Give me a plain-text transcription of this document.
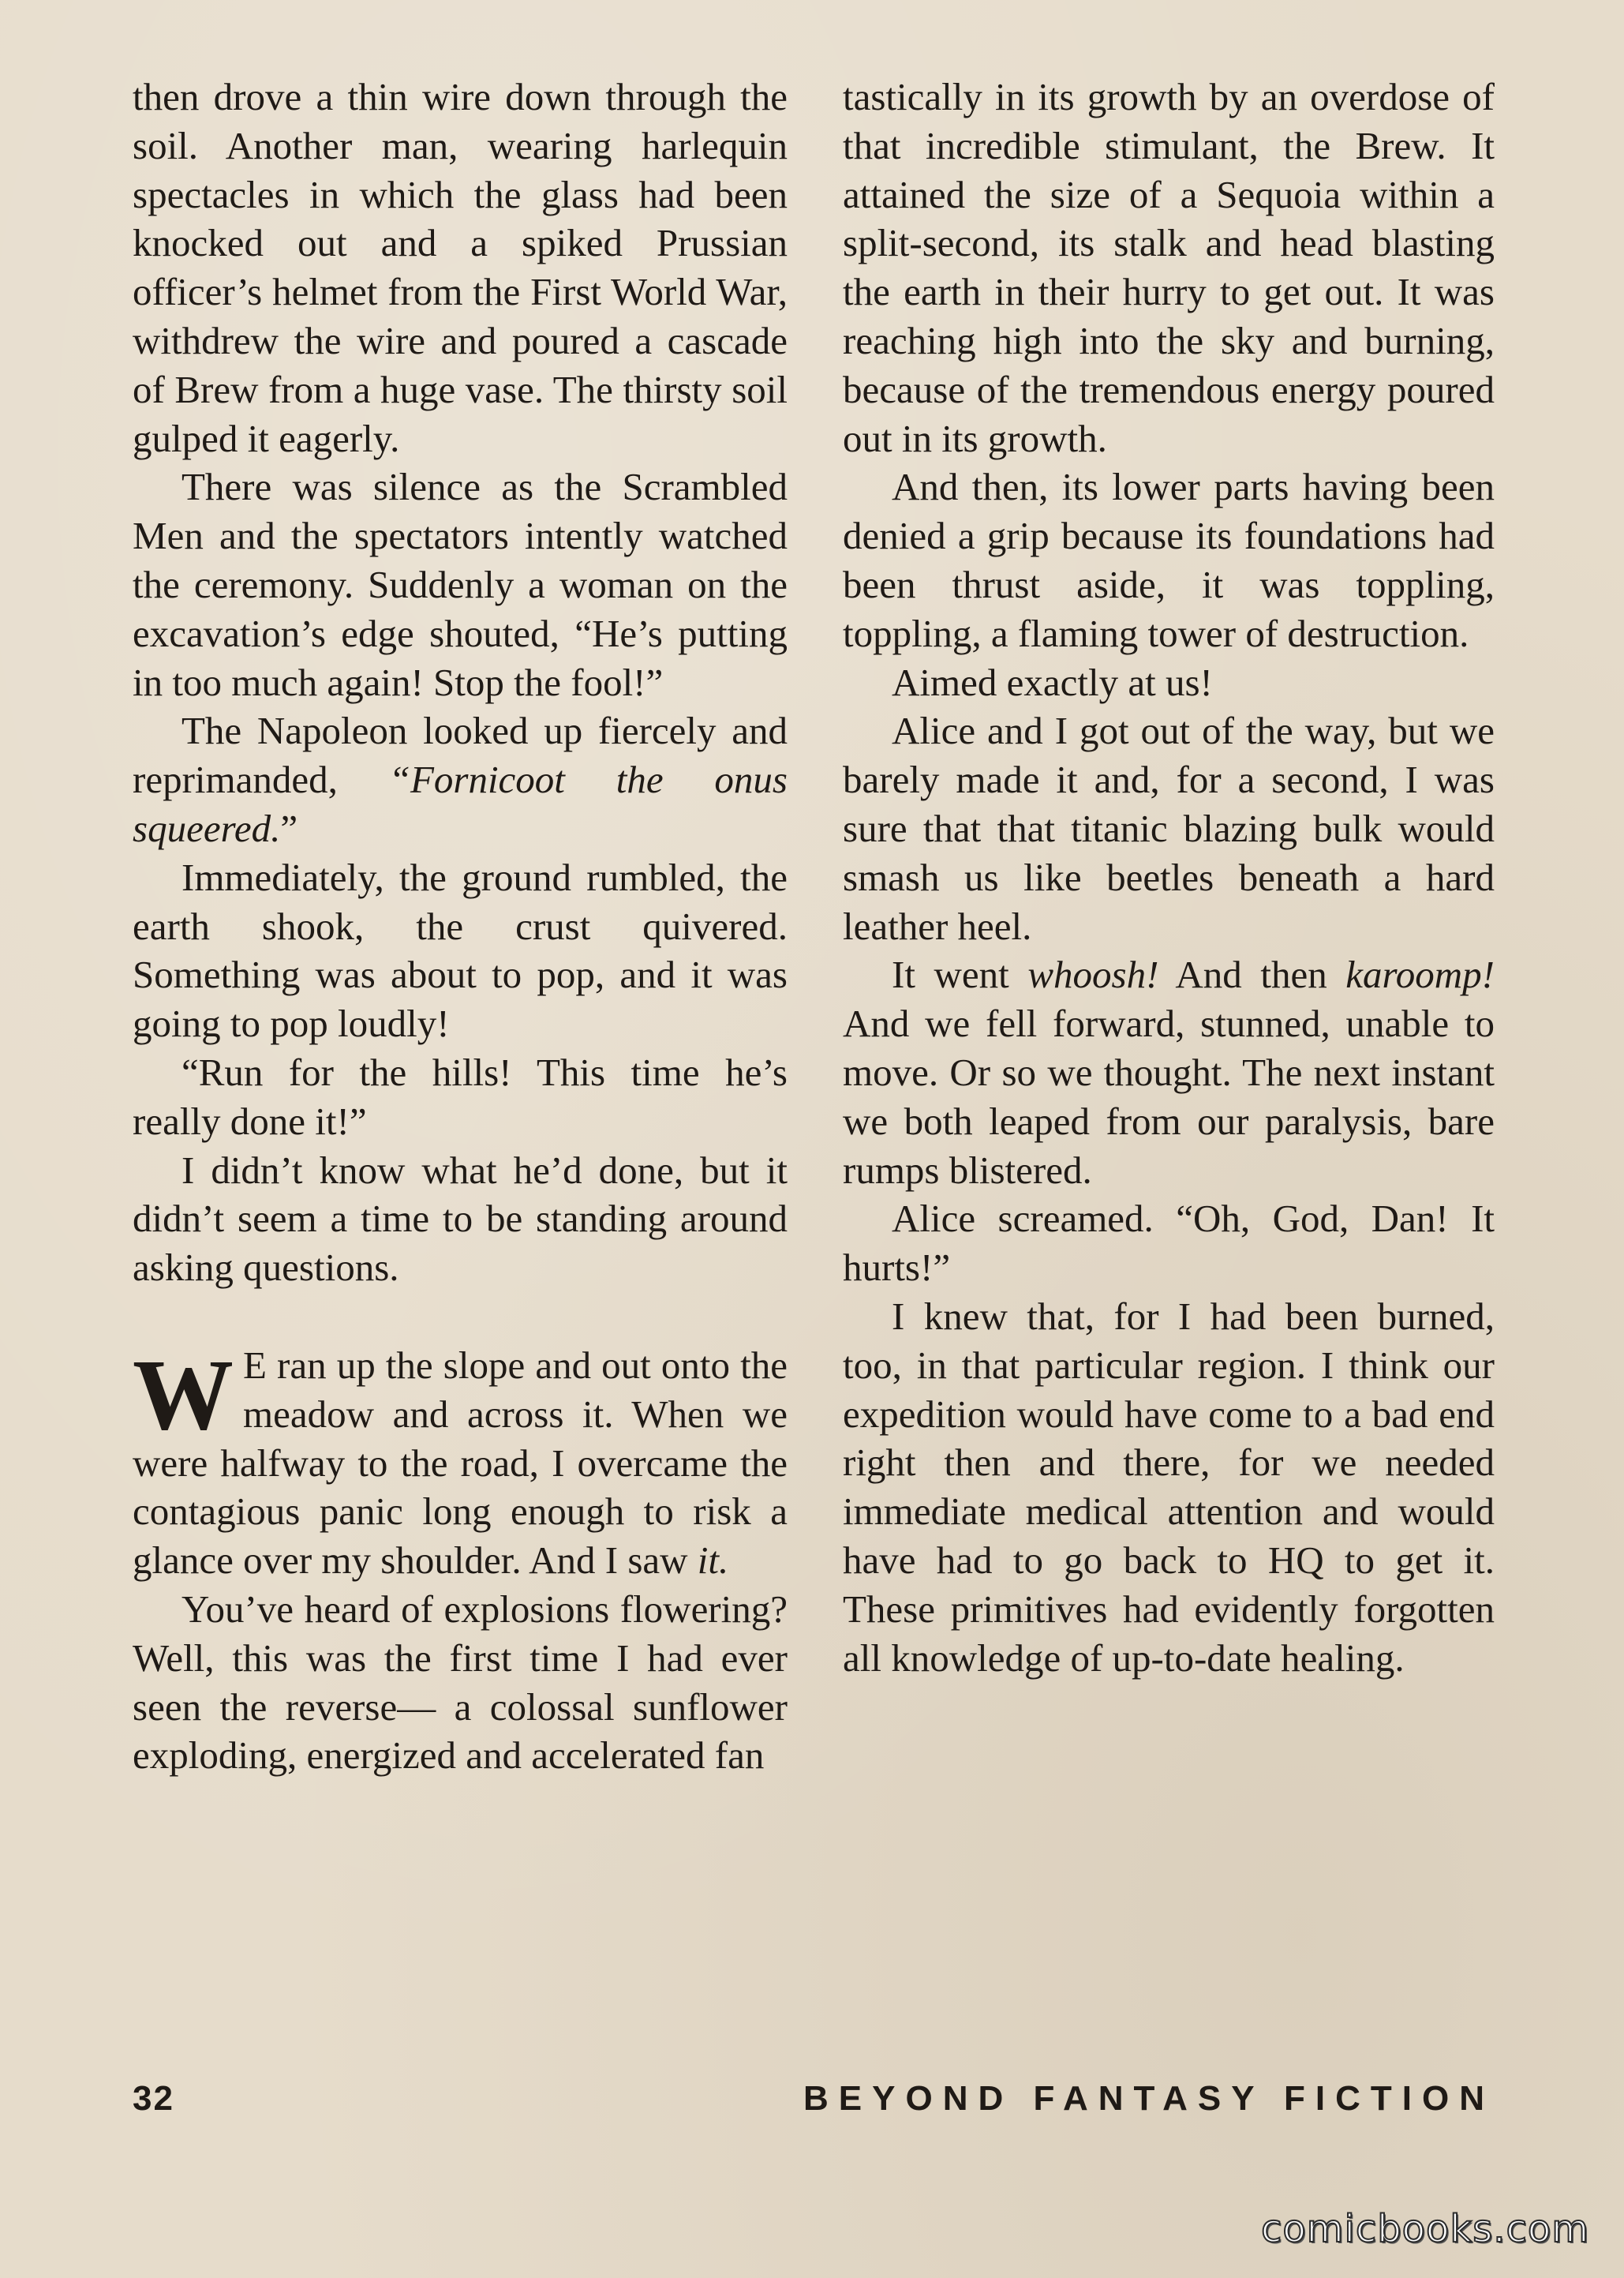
then drove a thin wire down through the soil. Another man, wearing harlequin spectacles in which the glass had been knocked out and a spiked Prussian officer’s helmet from the First World War, withdrew the wire and poured a cascade of Brew from a huge vase. The thirsty soil gulped it eagerly.

There was silence as the Scrambled Men and the spectators intently watched the ceremony. Suddenly a woman on the excavation’s edge shouted, “He’s putting in too much again! Stop the fool!”

The Napoleon looked up fiercely and reprimanded, “Fornicoot the onus squeered.”

Immediately, the ground rumbled, the earth shook, the crust quivered. Something was about to pop, and it was going to pop loudly!

“Run for the hills! This time he’s really done it!”

I didn’t know what he’d done, but it didn’t seem a time to be standing around asking questions.

W E ran up the slope and out onto the meadow and across it. When we were halfway to the road, I overcame the contagious panic long enough to risk a glance over my shoulder. And I saw it.

You’ve heard of explosions flowering? Well, this was the first time I had ever seen the reverse— a colossal sunflower exploding, energized and accelerated fan

tastically in its growth by an overdose of that incredible stimulant, the Brew. It attained the size of a Sequoia within a split-second, its stalk and head blasting the earth in their hurry to get out. It was reaching high into the sky and burning, because of the tremendous energy poured out in its growth.

And then, its lower parts having been denied a grip because its foundations had been thrust aside, it was toppling, toppling, a flaming tower of destruction.

Aimed exactly at us!

Alice and I got out of the way, but we barely made it and, for a second, I was sure that that titanic blazing bulk would smash us like beetles beneath a hard leather heel.

It went whoosh! And then karoomp! And we fell forward, stunned, unable to move. Or so we thought. The next instant we both leaped from our paralysis, bare rumps blistered.

Alice screamed. “Oh, God, Dan! It hurts!”

I knew that, for I had been burned, too, in that particular region. I think our expedition would have come to a bad end right then and there, for we needed immediate medical attention and would have had to go back to HQ to get it. These primitives had evidently forgotten all knowledge of up-to-date healing.

32	BEYOND FANTASY FICTION
comicbooks.com
